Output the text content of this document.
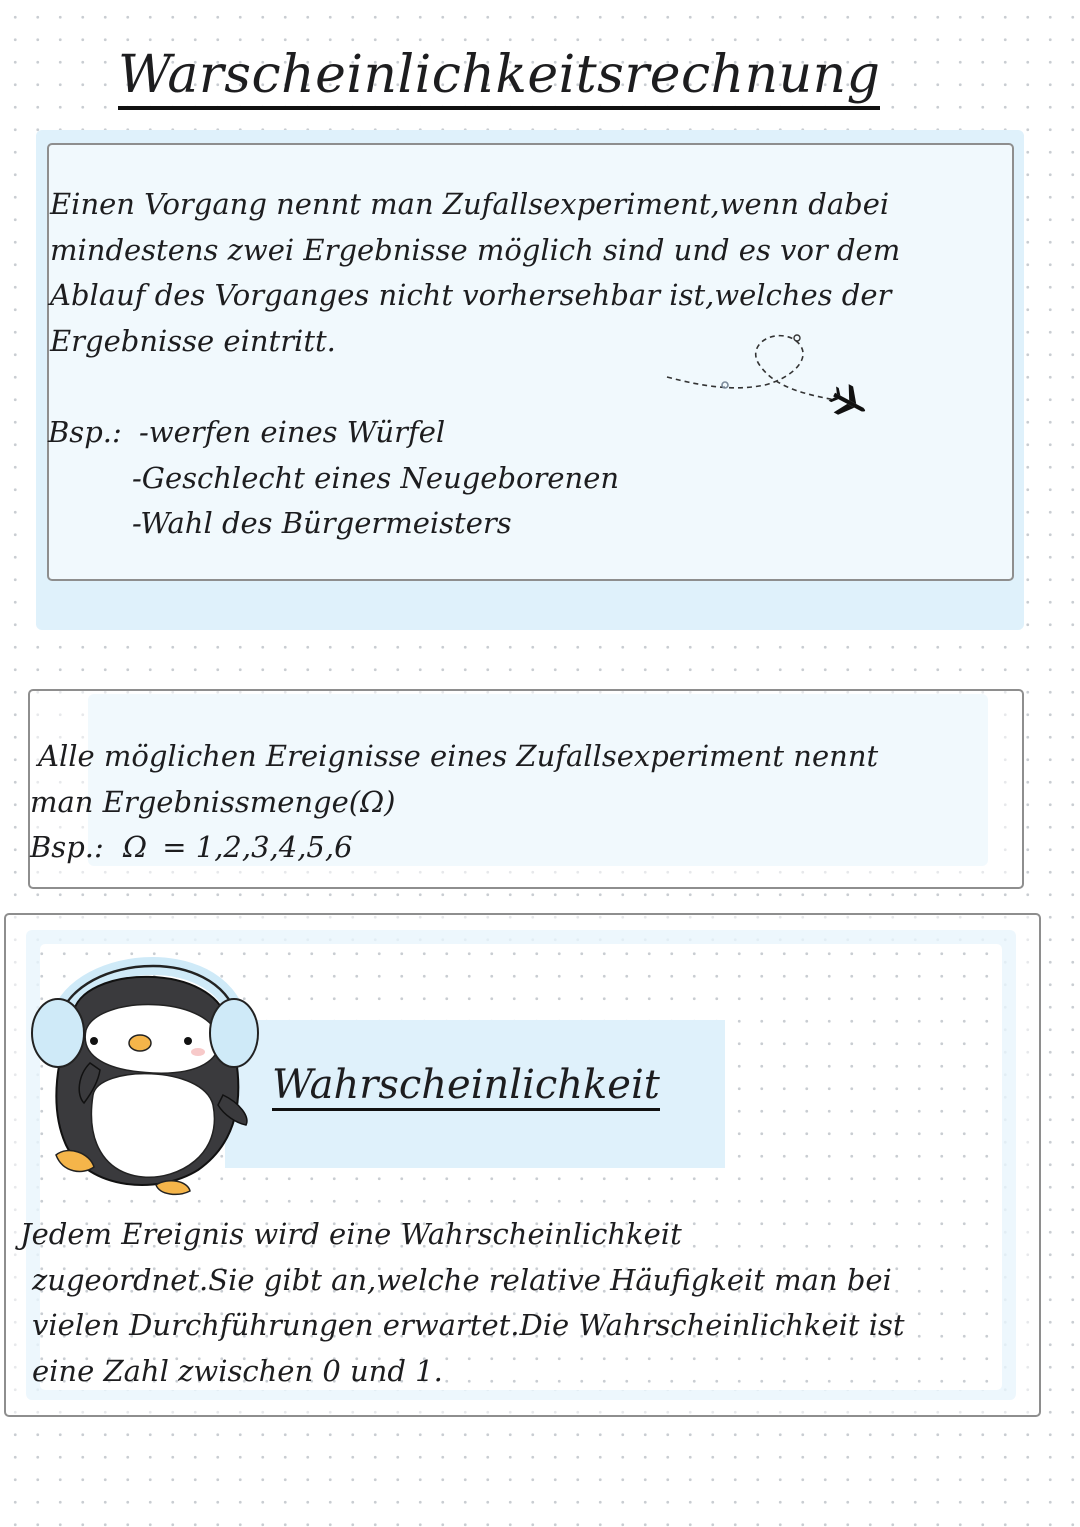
Warscheinlichkeitsrechnung
Einen Vorgang nennt man Zufallsexperiment,wenn dabei
mindestens zwei Ergebnisse möglich sind und es vor dem
Ablauf des Vorganges nicht vorhersehbar ist,welches der
Ergebnisse eintritt.
Bsp.: -werfen eines Würfel
-Geschlecht eines Neugeborenen
-Wahl des Bürgermeisters
Alle möglichen Ereignisse eines Zufallsexperiment nennt
man Ergebnissmenge(Ω)
Bsp.: Ω = 1,2,3,4,5,6
Wahrscheinlichkeit
Jedem Ereignis wird eine Wahrscheinlichkeit
zugeordnet.Sie gibt an,welche relative Häufigkeit man bei
vielen Durchführungen erwartet.Die Wahrscheinlichkeit ist
eine Zahl zwischen 0 und 1.
